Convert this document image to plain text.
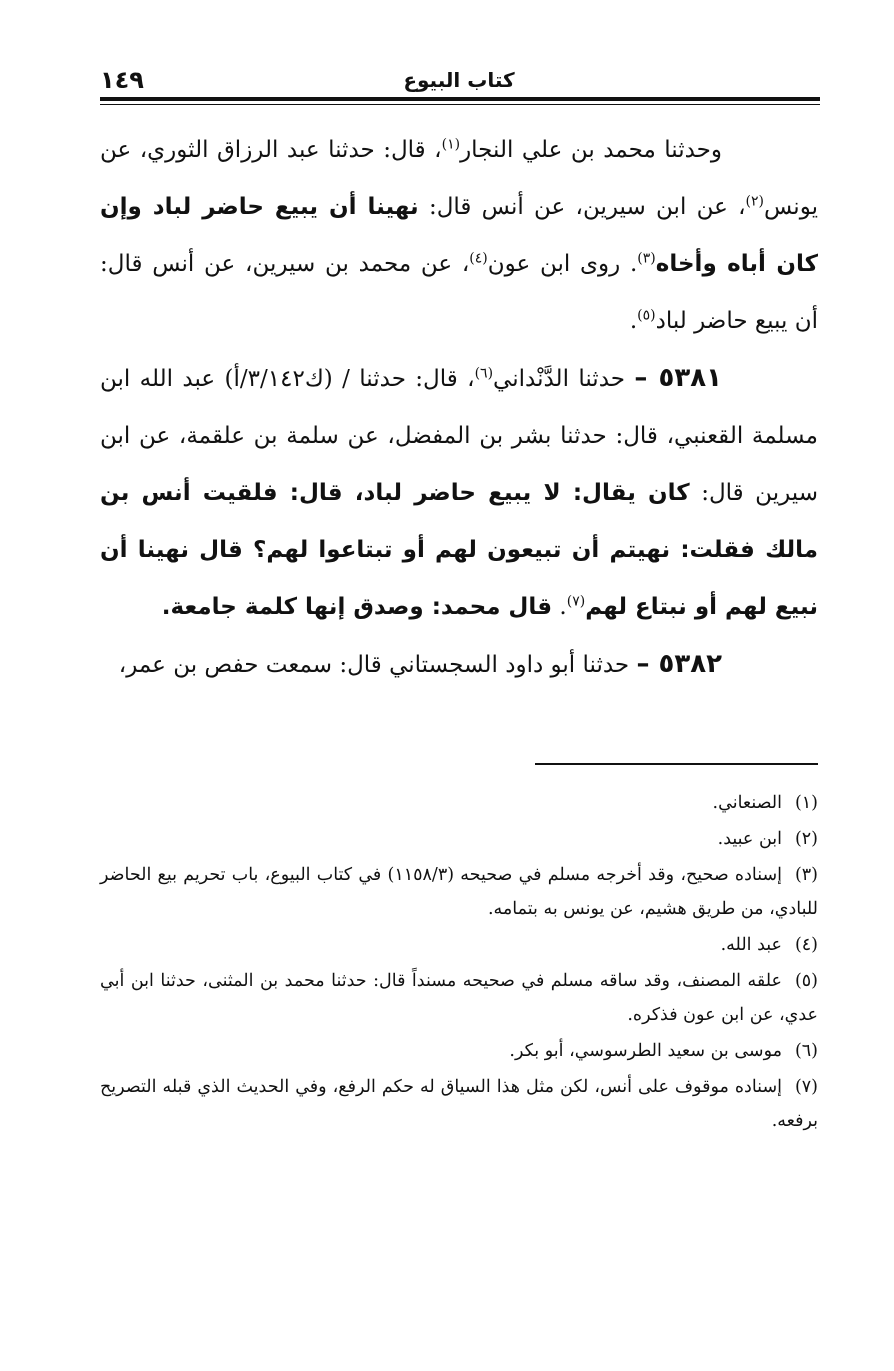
١٤٩	كتاب البيوع

وحدثنا محمد بن علي النجار$^{(١)}$، قال: حدثنا عبد الرزاق الثوري، عن يونس$^{(٢)}$، عن ابن سيرين، عن أنس قال: نهينا أن يبيع حاضر لباد وإن كان أباه وأخاه$^{(٣)}$. روى ابن عون$^{(٤)}$، عن محمد بن سيرين، عن أنس قال: أن يبيع حاضر لباد$^{(٥)}$.

٥٣٨١ – حدثنا الدَّنْداني$^{(٦)}$، قال: حدثنا / (ك٣/١٤٢/أ) عبد الله ابن مسلمة القعنبي، قال: حدثنا بشر بن المفضل، عن سلمة بن علقمة، عن ابن سيرين قال: كان يقال: لا يبيع حاضر لباد، قال: فلقيت أنس بن مالك فقلت: نهيتم أن تبيعون لهم أو تبتاعوا لهم؟ قال نهينا أن نبيع لهم أو نبتاع لهم$^{(٧)}$. قال محمد: وصدق إنها كلمة جامعة.

٥٣٨٢ – حدثنا أبو داود السجستاني قال: سمعت حفص بن عمر،

(١)الصنعاني.
(٢)ابن عبيد.
(٣)إسناده صحيح، وقد أخرجه مسلم في صحيحه (١١٥٨/٣) في كتاب البيوع، باب تحريم بيع الحاضر للبادي، من طريق هشيم، عن يونس به بتمامه.
(٤)عبد الله.
(٥)علقه المصنف، وقد ساقه مسلم في صحيحه مسنداً قال: حدثنا محمد بن المثنى، حدثنا ابن أبي عدي، عن ابن عون فذكره.
(٦)موسى بن سعيد الطرسوسي، أبو بكر.
(٧)إسناده موقوف على أنس، لكن مثل هذا السياق له حكم الرفع، وفي الحديث الذي قبله التصريح برفعه.
